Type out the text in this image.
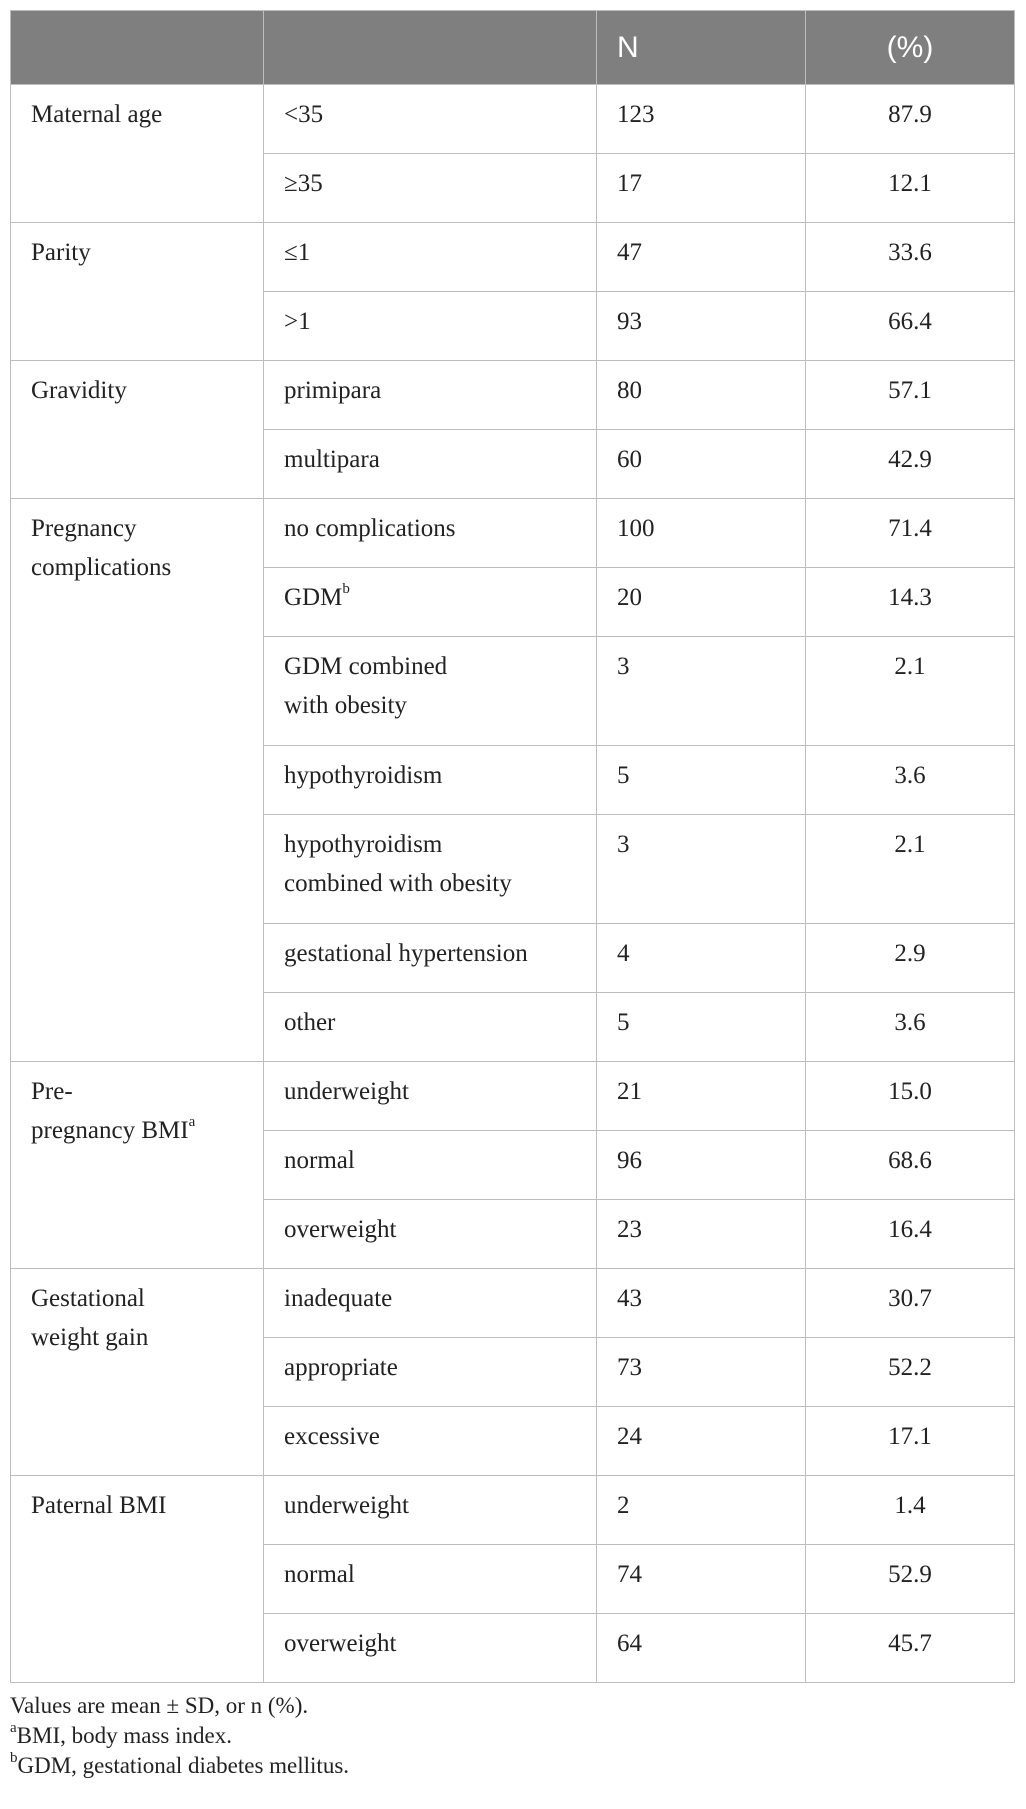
		N	(%)
Maternal age	<35	123	87.9
	≥35	17	12.1
Parity	≤1	47	33.6
	>1	93	66.4
Gravidity	primipara	80	57.1
	multipara	60	42.9
Pregnancy
complications	no complications	100	71.4
	GDM$^b$	20	14.3
	GDM combined
with obesity	3	2.1
	hypothyroidism	5	3.6
	hypothyroidism
combined with obesity	3	2.1
	gestational hypertension	4	2.9
	other	5	3.6
Pre-
pregnancy BMI$^a$	underweight	21	15.0
	normal	96	68.6
	overweight	23	16.4
Gestational
weight gain	inadequate	43	30.7
	appropriate	73	52.2
	excessive	24	17.1
Paternal BMI	underweight	2	1.4
	normal	74	52.9
	overweight	64	45.7
Values are mean ± SD, or n (%).
$^a$BMI, body mass index.
$^b$GDM, gestational diabetes mellitus.
